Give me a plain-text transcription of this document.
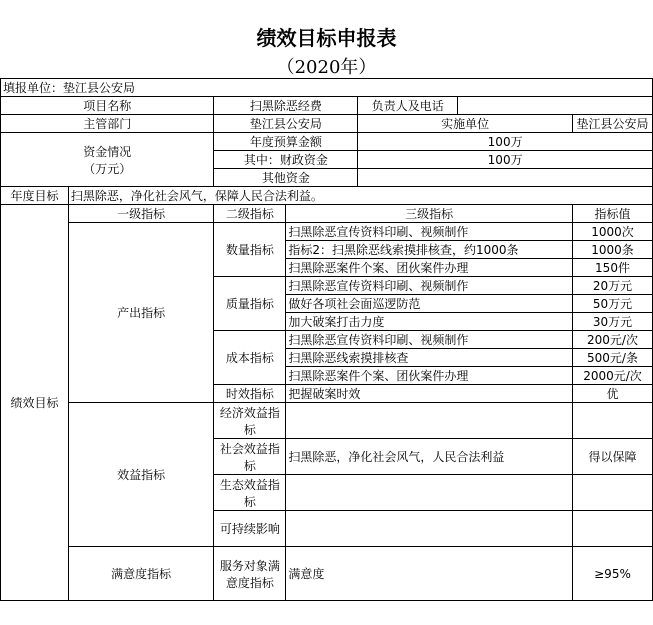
绩效目标申报表
（2020年）
填报单位：垫江县公安局						
项目名称		扫黑除恶经费		负责人及电话		
主管部门		垫江县公安局		实施单位		垫江县公安局
资金情况
（万元）		年度预算金额		100万		
		其中：财政资金		100万		
		其他资金				
年度目标	扫黑除恶，净化社会风气，保障人民合法利益。					
绩效目标	一级指标	二级指标	三级指标			指标值
	产出指标	数量指标	扫黑除恶宣传资料印刷、视频制作			1000次
			指标2：扫黑除恶线索摸排核查，约1000条			1000条
			扫黑除恶案件个案、团伙案件办理			150件
		质量指标	扫黑除恶宣传资料印刷、视频制作			20万元
			做好各项社会面巡逻防范			50万元
			加大破案打击力度			30万元
		成本指标	扫黑除恶宣传资料印刷、视频制作			200元/次
			扫黑除恶线索摸排核查			500元/条
			扫黑除恶案件个案、团伙案件办理			2000元/次
		时效指标	把握破案时效			优
	效益指标	经济效益指标				
		社会效益指标	扫黑除恶，净化社会风气，人民合法利益			得以保障
		生态效益指标				
		可持续影响				
	满意度指标	服务对象满意度指标	满意度			≥95%
